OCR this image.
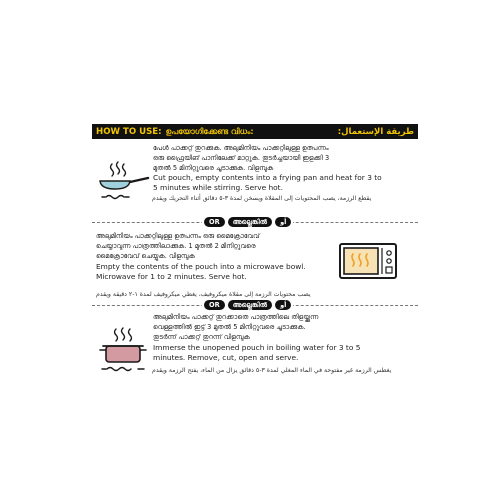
HOW TO USE: ഉപയോഗിക്കേണ്ട വിധം:	طريقة الإستعمال:
പേൾ പാക്കറ്റ് തുറക്കുക. അലുമിനിയം പാക്കറ്റിലുള്ള ഉത്പന്നം
ഒരു ഫ്രൈയിങ് പാനിലേക്ക് മാറ്റുക. തുടർച്ചയായി ഇളക്കി 3
മുതൽ 5 മിനിറ്റുവരെ ചൂടാക്കുക. വിളമ്പുക
Cut pouch, empty contents into a frying pan and heat for 3 to
5 minutes while stirring. Serve hot.
يقطع الرزمة، يصب المحتويات إلى المقلاة ويسخن لمدة ٣-٥ دقائق أثناء التحريك ويقدم
OR	അല്ലെങ്കിൽ	أو
അലുമിനിയം പാക്കറ്റിലുള്ള ഉത്പന്നം ഒരു മൈക്രോവേവ്
ചെയ്യാവുന്ന പാത്രത്തിലാക്കുക. 1 മുതൽ 2 മിനിറ്റുവരെ
മൈക്രോവേവ് ചെയ്യുക. വിളമ്പുക
Empty the contents of the pouch into a microwave bowl.
Microwave for 1 to 2 minutes. Serve hot.
يصب محتويات الرزمة إلى مقلاة ميكروفيف، يغطي ميكروفيف لمدة ١-٢ دقيقة ويقدم
OR	അല്ലെങ്കിൽ	أو
അലുമിനിയം പാക്കറ്റ് തുറക്കാതെ പാത്രത്തിലെ തിളയ്ക്കുന്ന
വെള്ളത്തിൽ ഇട്ട് 3 മുതൽ 5 മിനിറ്റുവരെ ചൂടാക്കുക.
തുടർന്ന് പാക്കറ്റ് തുറന്ന് വിളമ്പുക
Immerse the unopened pouch in boiling water for 3 to 5
minutes. Remove, cut, open and serve.
يغطس الرزمة غير مفتوحة في الماء المغلي لمدة ٣-٥ دقائق يزال من الماء، يفتح الرزمة ويقدم
